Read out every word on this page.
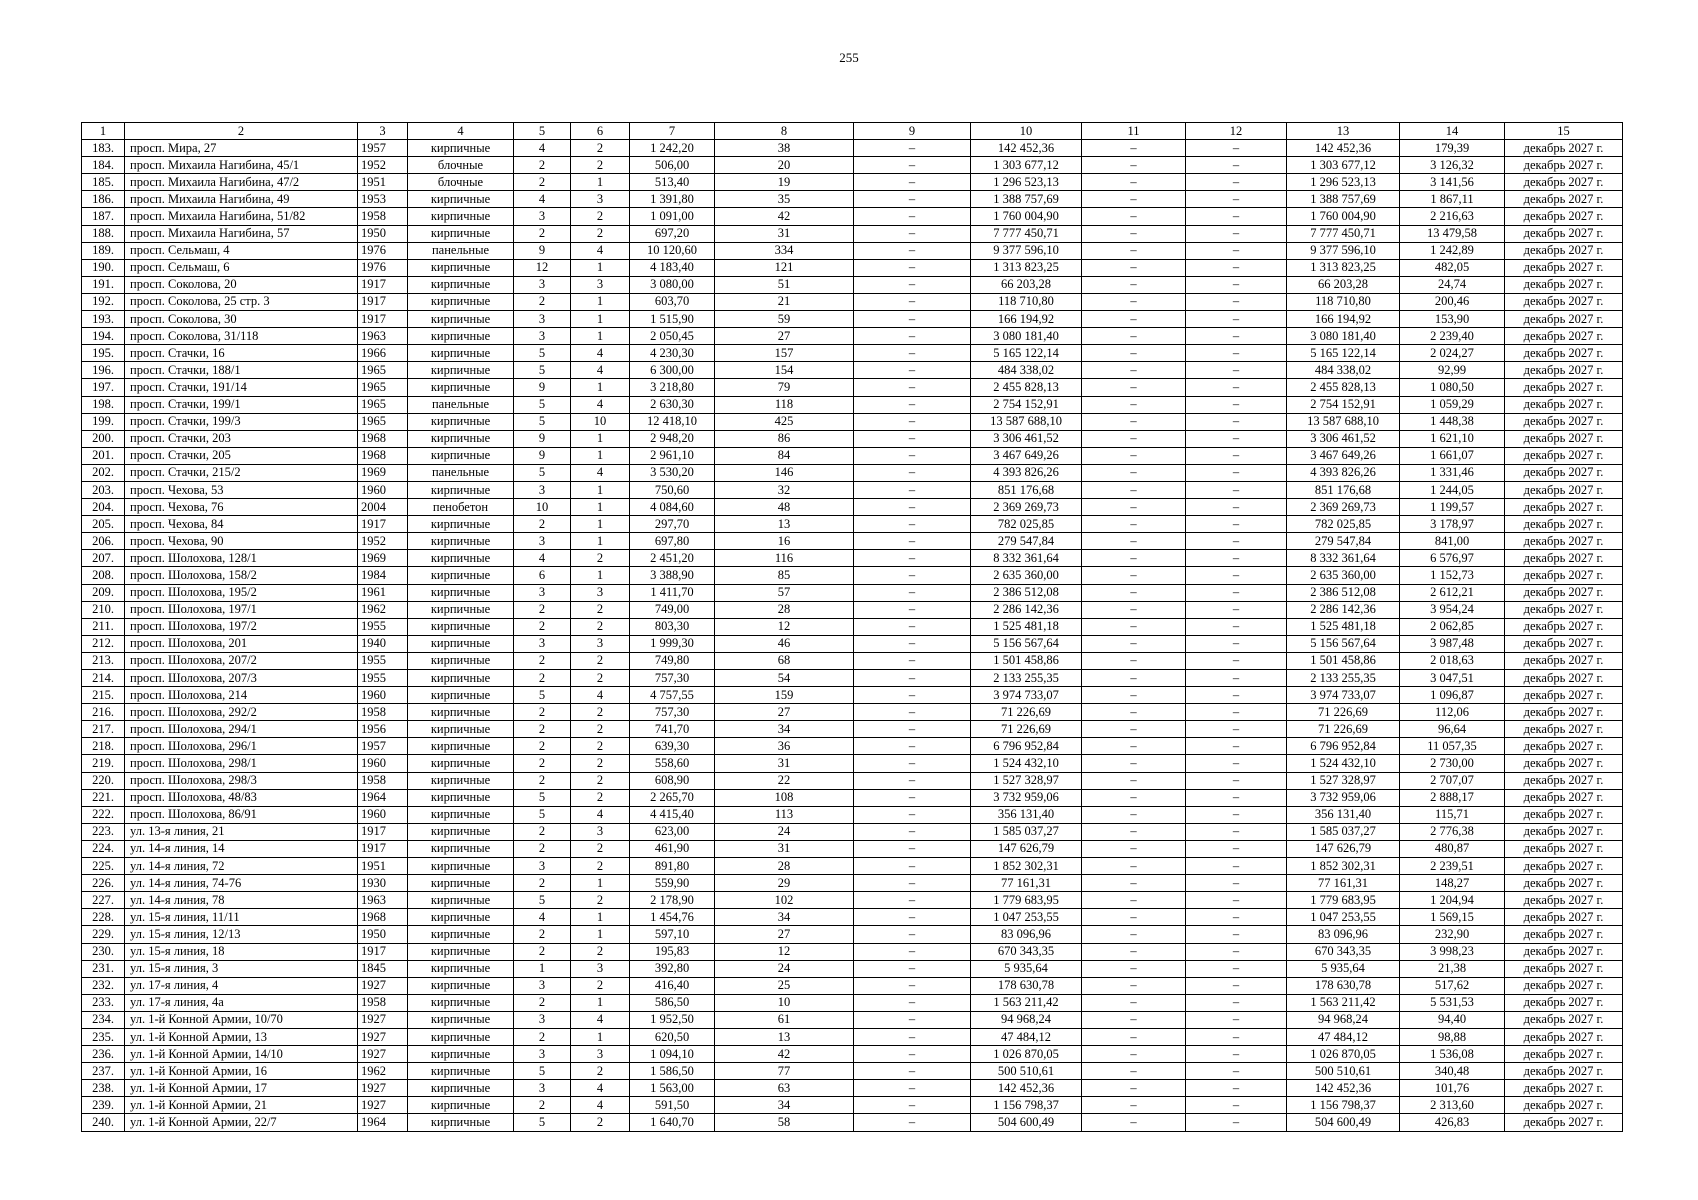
255
1	2	3	4	5	6	7	8	9	10	11	12	13	14	15
183.	просп. Мира, 27	1957	кирпичные	4	2	1 242,20	38	–	142 452,36	–	–	142 452,36	179,39	декабрь 2027 г.
184.	просп. Михаила Нагибина, 45/1	1952	блочные	2	2	506,00	20	–	1 303 677,12	–	–	1 303 677,12	3 126,32	декабрь 2027 г.
185.	просп. Михаила Нагибина, 47/2	1951	блочные	2	1	513,40	19	–	1 296 523,13	–	–	1 296 523,13	3 141,56	декабрь 2027 г.
186.	просп. Михаила Нагибина, 49	1953	кирпичные	4	3	1 391,80	35	–	1 388 757,69	–	–	1 388 757,69	1 867,11	декабрь 2027 г.
187.	просп. Михаила Нагибина, 51/82	1958	кирпичные	3	2	1 091,00	42	–	1 760 004,90	–	–	1 760 004,90	2 216,63	декабрь 2027 г.
188.	просп. Михаила Нагибина, 57	1950	кирпичные	2	2	697,20	31	–	7 777 450,71	–	–	7 777 450,71	13 479,58	декабрь 2027 г.
189.	просп. Сельмаш, 4	1976	панельные	9	4	10 120,60	334	–	9 377 596,10	–	–	9 377 596,10	1 242,89	декабрь 2027 г.
190.	просп. Сельмаш, 6	1976	кирпичные	12	1	4 183,40	121	–	1 313 823,25	–	–	1 313 823,25	482,05	декабрь 2027 г.
191.	просп. Соколова, 20	1917	кирпичные	3	3	3 080,00	51	–	66 203,28	–	–	66 203,28	24,74	декабрь 2027 г.
192.	просп. Соколова, 25 стр. 3	1917	кирпичные	2	1	603,70	21	–	118 710,80	–	–	118 710,80	200,46	декабрь 2027 г.
193.	просп. Соколова, 30	1917	кирпичные	3	1	1 515,90	59	–	166 194,92	–	–	166 194,92	153,90	декабрь 2027 г.
194.	просп. Соколова, 31/118	1963	кирпичные	3	1	2 050,45	27	–	3 080 181,40	–	–	3 080 181,40	2 239,40	декабрь 2027 г.
195.	просп. Стачки, 16	1966	кирпичные	5	4	4 230,30	157	–	5 165 122,14	–	–	5 165 122,14	2 024,27	декабрь 2027 г.
196.	просп. Стачки, 188/1	1965	кирпичные	5	4	6 300,00	154	–	484 338,02	–	–	484 338,02	92,99	декабрь 2027 г.
197.	просп. Стачки, 191/14	1965	кирпичные	9	1	3 218,80	79	–	2 455 828,13	–	–	2 455 828,13	1 080,50	декабрь 2027 г.
198.	просп. Стачки, 199/1	1965	панельные	5	4	2 630,30	118	–	2 754 152,91	–	–	2 754 152,91	1 059,29	декабрь 2027 г.
199.	просп. Стачки, 199/3	1965	кирпичные	5	10	12 418,10	425	–	13 587 688,10	–	–	13 587 688,10	1 448,38	декабрь 2027 г.
200.	просп. Стачки, 203	1968	кирпичные	9	1	2 948,20	86	–	3 306 461,52	–	–	3 306 461,52	1 621,10	декабрь 2027 г.
201.	просп. Стачки, 205	1968	кирпичные	9	1	2 961,10	84	–	3 467 649,26	–	–	3 467 649,26	1 661,07	декабрь 2027 г.
202.	просп. Стачки, 215/2	1969	панельные	5	4	3 530,20	146	–	4 393 826,26	–	–	4 393 826,26	1 331,46	декабрь 2027 г.
203.	просп. Чехова, 53	1960	кирпичные	3	1	750,60	32	–	851 176,68	–	–	851 176,68	1 244,05	декабрь 2027 г.
204.	просп. Чехова, 76	2004	пенобетон	10	1	4 084,60	48	–	2 369 269,73	–	–	2 369 269,73	1 199,57	декабрь 2027 г.
205.	просп. Чехова, 84	1917	кирпичные	2	1	297,70	13	–	782 025,85	–	–	782 025,85	3 178,97	декабрь 2027 г.
206.	просп. Чехова, 90	1952	кирпичные	3	1	697,80	16	–	279 547,84	–	–	279 547,84	841,00	декабрь 2027 г.
207.	просп. Шолохова, 128/1	1969	кирпичные	4	2	2 451,20	116	–	8 332 361,64	–	–	8 332 361,64	6 576,97	декабрь 2027 г.
208.	просп. Шолохова, 158/2	1984	кирпичные	6	1	3 388,90	85	–	2 635 360,00	–	–	2 635 360,00	1 152,73	декабрь 2027 г.
209.	просп. Шолохова, 195/2	1961	кирпичные	3	3	1 411,70	57	–	2 386 512,08	–	–	2 386 512,08	2 612,21	декабрь 2027 г.
210.	просп. Шолохова, 197/1	1962	кирпичные	2	2	749,00	28	–	2 286 142,36	–	–	2 286 142,36	3 954,24	декабрь 2027 г.
211.	просп. Шолохова, 197/2	1955	кирпичные	2	2	803,30	12	–	1 525 481,18	–	–	1 525 481,18	2 062,85	декабрь 2027 г.
212.	просп. Шолохова, 201	1940	кирпичные	3	3	1 999,30	46	–	5 156 567,64	–	–	5 156 567,64	3 987,48	декабрь 2027 г.
213.	просп. Шолохова, 207/2	1955	кирпичные	2	2	749,80	68	–	1 501 458,86	–	–	1 501 458,86	2 018,63	декабрь 2027 г.
214.	просп. Шолохова, 207/3	1955	кирпичные	2	2	757,30	54	–	2 133 255,35	–	–	2 133 255,35	3 047,51	декабрь 2027 г.
215.	просп. Шолохова, 214	1960	кирпичные	5	4	4 757,55	159	–	3 974 733,07	–	–	3 974 733,07	1 096,87	декабрь 2027 г.
216.	просп. Шолохова, 292/2	1958	кирпичные	2	2	757,30	27	–	71 226,69	–	–	71 226,69	112,06	декабрь 2027 г.
217.	просп. Шолохова, 294/1	1956	кирпичные	2	2	741,70	34	–	71 226,69	–	–	71 226,69	96,64	декабрь 2027 г.
218.	просп. Шолохова, 296/1	1957	кирпичные	2	2	639,30	36	–	6 796 952,84	–	–	6 796 952,84	11 057,35	декабрь 2027 г.
219.	просп. Шолохова, 298/1	1960	кирпичные	2	2	558,60	31	–	1 524 432,10	–	–	1 524 432,10	2 730,00	декабрь 2027 г.
220.	просп. Шолохова, 298/3	1958	кирпичные	2	2	608,90	22	–	1 527 328,97	–	–	1 527 328,97	2 707,07	декабрь 2027 г.
221.	просп. Шолохова, 48/83	1964	кирпичные	5	2	2 265,70	108	–	3 732 959,06	–	–	3 732 959,06	2 888,17	декабрь 2027 г.
222.	просп. Шолохова, 86/91	1960	кирпичные	5	4	4 415,40	113	–	356 131,40	–	–	356 131,40	115,71	декабрь 2027 г.
223.	ул. 13-я линия, 21	1917	кирпичные	2	3	623,00	24	–	1 585 037,27	–	–	1 585 037,27	2 776,38	декабрь 2027 г.
224.	ул. 14-я линия, 14	1917	кирпичные	2	2	461,90	31	–	147 626,79	–	–	147 626,79	480,87	декабрь 2027 г.
225.	ул. 14-я линия, 72	1951	кирпичные	3	2	891,80	28	–	1 852 302,31	–	–	1 852 302,31	2 239,51	декабрь 2027 г.
226.	ул. 14-я линия, 74-76	1930	кирпичные	2	1	559,90	29	–	77 161,31	–	–	77 161,31	148,27	декабрь 2027 г.
227.	ул. 14-я линия, 78	1963	кирпичные	5	2	2 178,90	102	–	1 779 683,95	–	–	1 779 683,95	1 204,94	декабрь 2027 г.
228.	ул. 15-я линия, 11/11	1968	кирпичные	4	1	1 454,76	34	–	1 047 253,55	–	–	1 047 253,55	1 569,15	декабрь 2027 г.
229.	ул. 15-я линия, 12/13	1950	кирпичные	2	1	597,10	27	–	83 096,96	–	–	83 096,96	232,90	декабрь 2027 г.
230.	ул. 15-я линия, 18	1917	кирпичные	2	2	195,83	12	–	670 343,35	–	–	670 343,35	3 998,23	декабрь 2027 г.
231.	ул. 15-я линия, 3	1845	кирпичные	1	3	392,80	24	–	5 935,64	–	–	5 935,64	21,38	декабрь 2027 г.
232.	ул. 17-я линия, 4	1927	кирпичные	3	2	416,40	25	–	178 630,78	–	–	178 630,78	517,62	декабрь 2027 г.
233.	ул. 17-я линия, 4а	1958	кирпичные	2	1	586,50	10	–	1 563 211,42	–	–	1 563 211,42	5 531,53	декабрь 2027 г.
234.	ул. 1-й Конной Армии, 10/70	1927	кирпичные	3	4	1 952,50	61	–	94 968,24	–	–	94 968,24	94,40	декабрь 2027 г.
235.	ул. 1-й Конной Армии, 13	1927	кирпичные	2	1	620,50	13	–	47 484,12	–	–	47 484,12	98,88	декабрь 2027 г.
236.	ул. 1-й Конной Армии, 14/10	1927	кирпичные	3	3	1 094,10	42	–	1 026 870,05	–	–	1 026 870,05	1 536,08	декабрь 2027 г.
237.	ул. 1-й Конной Армии, 16	1962	кирпичные	5	2	1 586,50	77	–	500 510,61	–	–	500 510,61	340,48	декабрь 2027 г.
238.	ул. 1-й Конной Армии, 17	1927	кирпичные	3	4	1 563,00	63	–	142 452,36	–	–	142 452,36	101,76	декабрь 2027 г.
239.	ул. 1-й Конной Армии, 21	1927	кирпичные	2	4	591,50	34	–	1 156 798,37	–	–	1 156 798,37	2 313,60	декабрь 2027 г.
240.	ул. 1-й Конной Армии, 22/7	1964	кирпичные	5	2	1 640,70	58	–	504 600,49	–	–	504 600,49	426,83	декабрь 2027 г.
